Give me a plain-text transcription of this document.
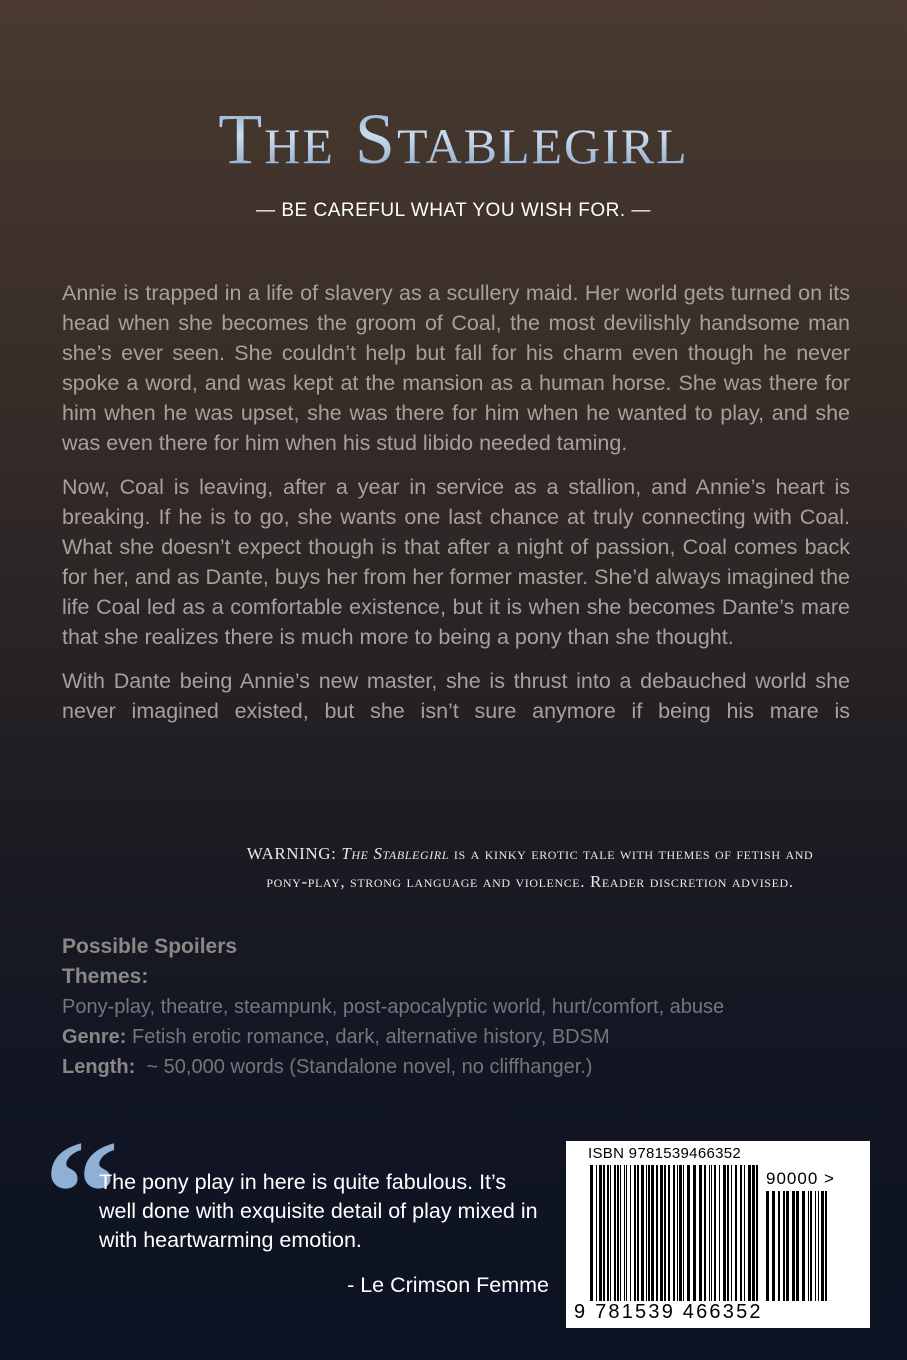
The Stablegirl
— BE CAREFUL WHAT YOU WISH FOR. —

Annie is trapped in a life of slavery as a scullery maid. Her world gets turned on its head when she becomes the groom of Coal, the most devilishly handsome man she’s ever seen. She couldn’t help but fall for his charm even though he never spoke a word, and was kept at the mansion as a human horse. She was there for him when he was upset, she was there for him when he wanted to play, and she was even there for him when his stud libido needed taming.

Now, Coal is leaving, after a year in service as a stallion, and Annie’s heart is breaking. If he is to go, she wants one last chance at truly connecting with Coal. What she doesn’t expect though is that after a night of passion, Coal comes back for her, and as Dante, buys her from her former master. She’d always imagined the life Coal led as a comfortable existence, but it is when she becomes Dante’s mare that she realizes there is much more to being a pony than she thought.

With Dante being Annie’s new master, she is thrust into a debauched world she never imagined existed, but she isn’t sure anymore if being his mare is

WARNING: The Stablegirl is a kinky erotic tale with themes of fetish and pony-play, strong language and violence. Reader discretion advised.
Possible Spoilers
Themes:
Pony-play, theatre, steampunk, post-apocalyptic world, hurt/comfort, abuse
Genre: Fetish erotic romance, dark, alternative history, BDSM
Length:  ~ 50,000 words (Standalone novel, no cliffhanger.)
“
The pony play in here is quite fabulous. It’s well done with exquisite detail of play mixed in with heartwarming emotion.
- Le Crimson Femme
ISBN 9781539466352
90000 >
9 781539 466352
